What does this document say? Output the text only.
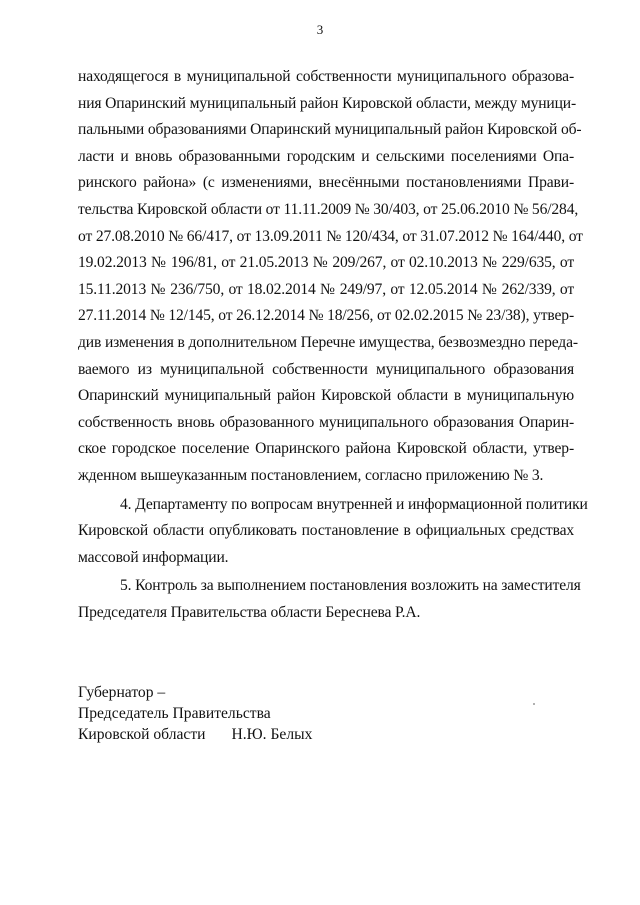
3

находящегося в муниципальной собственности муниципального образова-
ния Опаринский муниципальный район Кировской области, между муници-
пальными образованиями Опаринский муниципальный район Кировской об-
ласти и вновь образованными городским и сельскими поселениями Опа-
ринского района» (с изменениями, внесёнными постановлениями Прави-
тельства Кировской области от 11.11.2009 № 30/403, от 25.06.2010 № 56/284,
от 27.08.2010 № 66/417, от 13.09.2011 № 120/434, от 31.07.2012 № 164/440, от
19.02.2013 № 196/81, от 21.05.2013 № 209/267, от 02.10.2013 № 229/635, от
15.11.2013 № 236/750, от 18.02.2014 № 249/97, от 12.05.2014 № 262/339, от
27.11.2014 № 12/145, от 26.12.2014 № 18/256, от 02.02.2015 № 23/38), утвер-
див изменения в дополнительном Перечне имущества, безвозмездно переда-
ваемого из муниципальной собственности муниципального образования
Опаринский муниципальный район Кировской области в муниципальную
собственность вновь образованного муниципального образования Опарин-
ское городское поселение Опаринского района Кировской области, утвер-
жденном вышеуказанным постановлением, согласно приложению № 3.

4. Департаменту по вопросам внутренней и информационной политики
Кировской области опубликовать постановление в официальных средствах
массовой информации.

5. Контроль за выполнением постановления возложить на заместителя
Председателя Правительства области Береснева Р.А.

Губернатор –
Председатель Правительства
Кировской области Н.Ю. Белых
